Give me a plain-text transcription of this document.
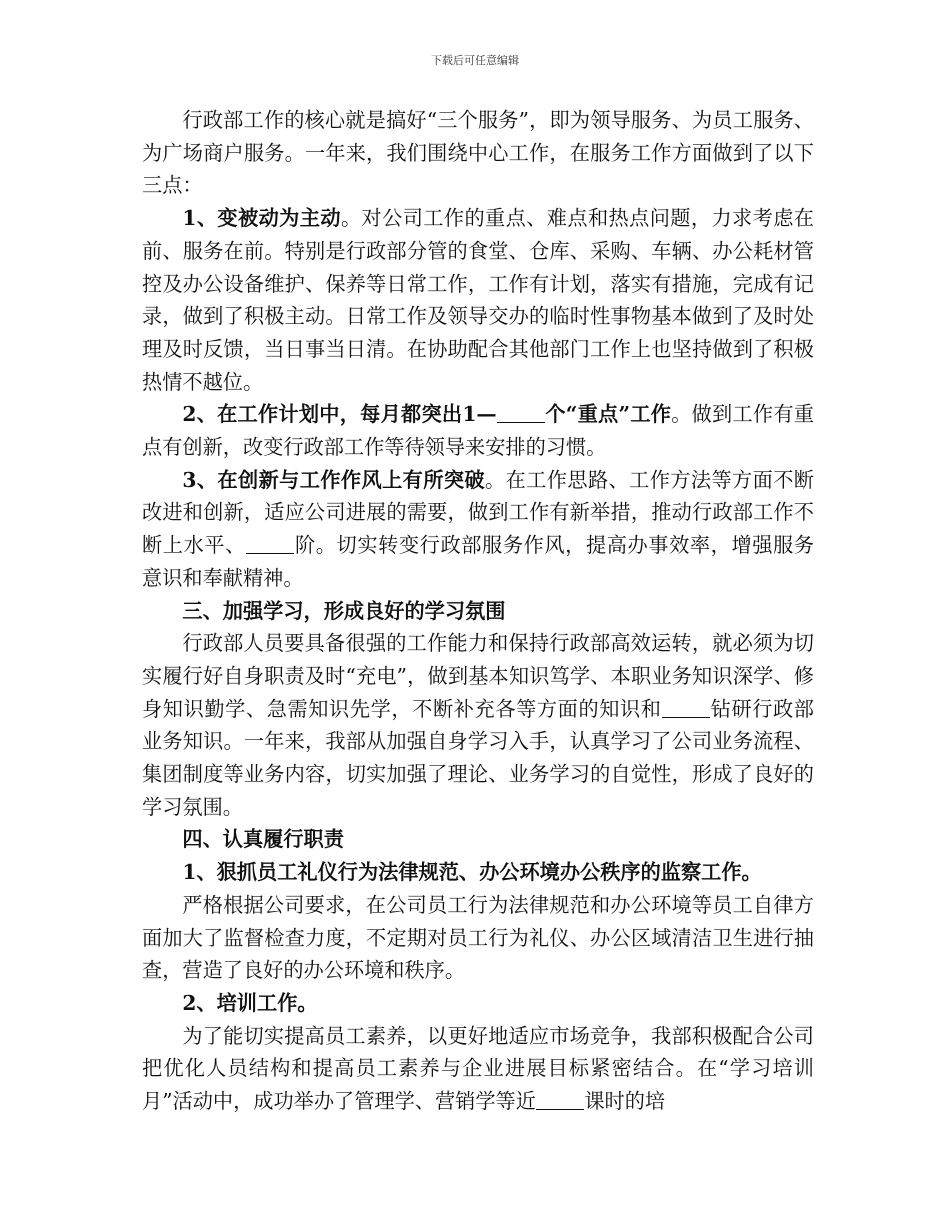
下载后可任意编辑

行政部工作的核心就是搞好“三个服务”，即为领导服务、为员工服务、为广场商户服务。一年来，我们围绕中心工作，在服务工作方面做到了以下三点：

1、变被动为主动。对公司工作的重点、难点和热点问题，力求考虑在前、服务在前。特别是行政部分管的食堂、仓库、采购、车辆、办公耗材管控及办公设备维护、保养等日常工作，工作有计划，落实有措施，完成有记录，做到了积极主动。日常工作及领导交办的临时性事物基本做到了及时处理及时反馈，当日事当日清。在协助配合其他部门工作上也坚持做到了积极热情不越位。

2、在工作计划中，每月都突出1— 个“重点”工作。做到工作有重点有创新，改变行政部工作等待领导来安排的习惯。

3、在创新与工作作风上有所突破。在工作思路、工作方法等方面不断改进和创新，适应公司进展的需要，做到工作有新举措，推动行政部工作不断上水平、 阶。切实转变行政部服务作风，提高办事效率，增强服务意识和奉献精神。

三、加强学习，形成良好的学习氛围

行政部人员要具备很强的工作能力和保持行政部高效运转，就必须为切实履行好自身职责及时“充电”，做到基本知识笃学、本职业务知识深学、修身知识勤学、急需知识先学，不断补充各等方面的知识和 钻研行政部业务知识。一年来，我部从加强自身学习入手，认真学习了公司业务流程、集团制度等业务内容，切实加强了理论、业务学习的自觉性，形成了良好的学习氛围。

四、认真履行职责

1、狠抓员工礼仪行为法律规范、办公环境办公秩序的监察工作。

严格根据公司要求，在公司员工行为法律规范和办公环境等员工自律方面加大了监督检查力度，不定期对员工行为礼仪、办公区域清洁卫生进行抽查，营造了良好的办公环境和秩序。

2、培训工作。

为了能切实提高员工素养，以更好地适应市场竞争，我部积极配合公司把优化人员结构和提高员工素养与企业进展目标紧密结合。在“学习培训月”活动中，成功举办了管理学、营销学等近 课时的培
